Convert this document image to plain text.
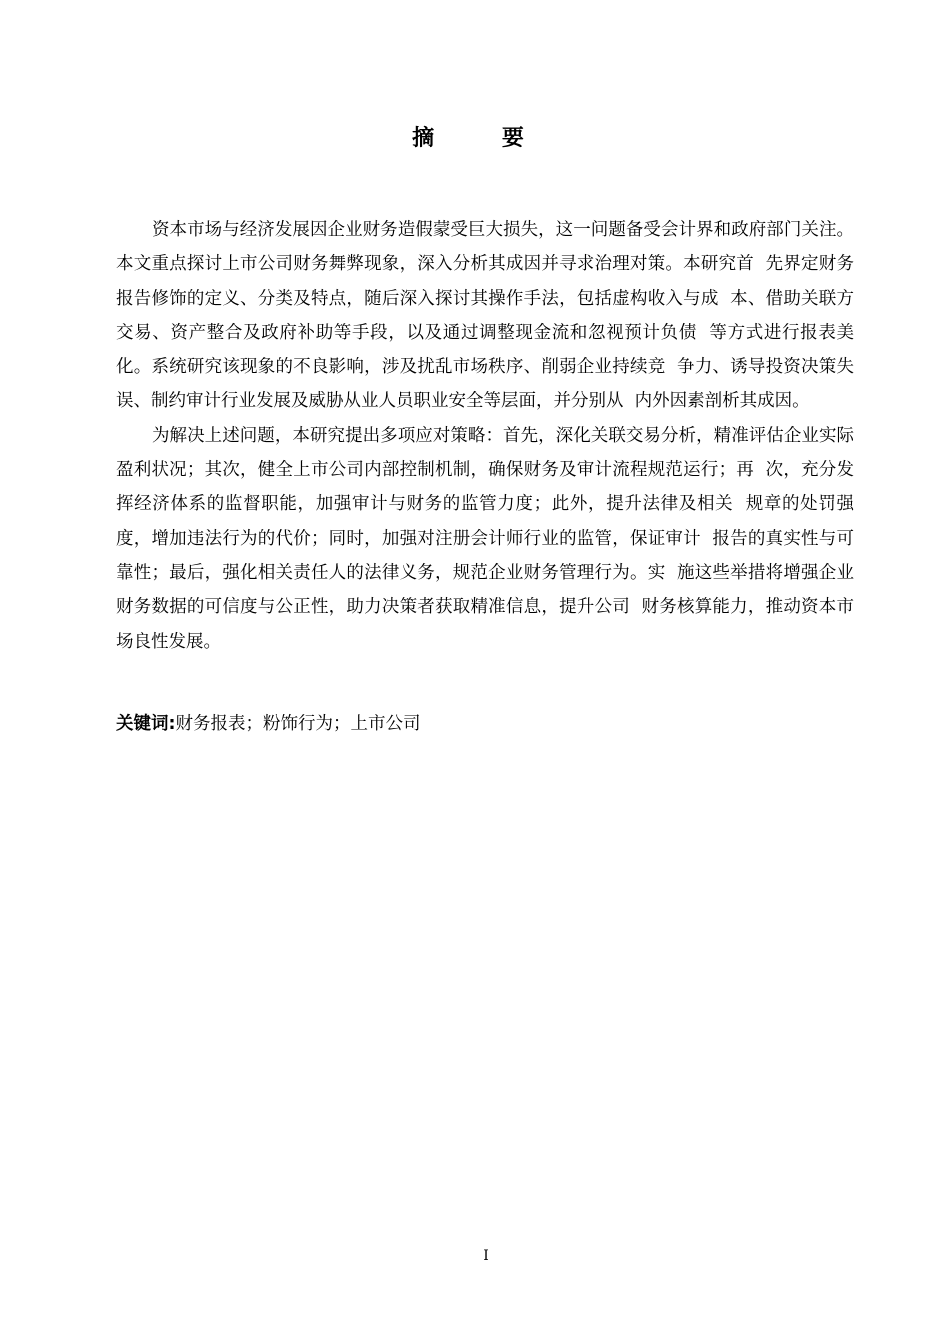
摘 要

资本市场与经济发展因企业财务造假蒙受巨大损失，这一问题备受会计界和政府部门关注。本文重点探讨上市公司财务舞弊现象，深入分析其成因并寻求治理对策。本研究首  先界定财务报告修饰的定义、分类及特点，随后深入探讨其操作手法，包括虚构收入与成  本、借助关联方交易、资产整合及政府补助等手段，以及通过调整现金流和忽视预计负债  等方式进行报表美化。系统研究该现象的不良影响，涉及扰乱市场秩序、削弱企业持续竞  争力、诱导投资决策失误、制约审计行业发展及威胁从业人员职业安全等层面，并分别从  内外因素剖析其成因。

为解决上述问题，本研究提出多项应对策略：首先，深化关联交易分析，精准评估企业实际盈利状况；其次，健全上市公司内部控制机制，确保财务及审计流程规范运行；再  次，充分发挥经济体系的监督职能，加强审计与财务的监管力度；此外，提升法律及相关  规章的处罚强度，增加违法行为的代价；同时，加强对注册会计师行业的监管，保证审计  报告的真实性与可靠性；最后，强化相关责任人的法律义务，规范企业财务管理行为。实  施这些举措将增强企业财务数据的可信度与公正性，助力决策者获取精准信息，提升公司  财务核算能力，推动资本市场良性发展。

关键词:财务报表；粉饰行为；上市公司
I
